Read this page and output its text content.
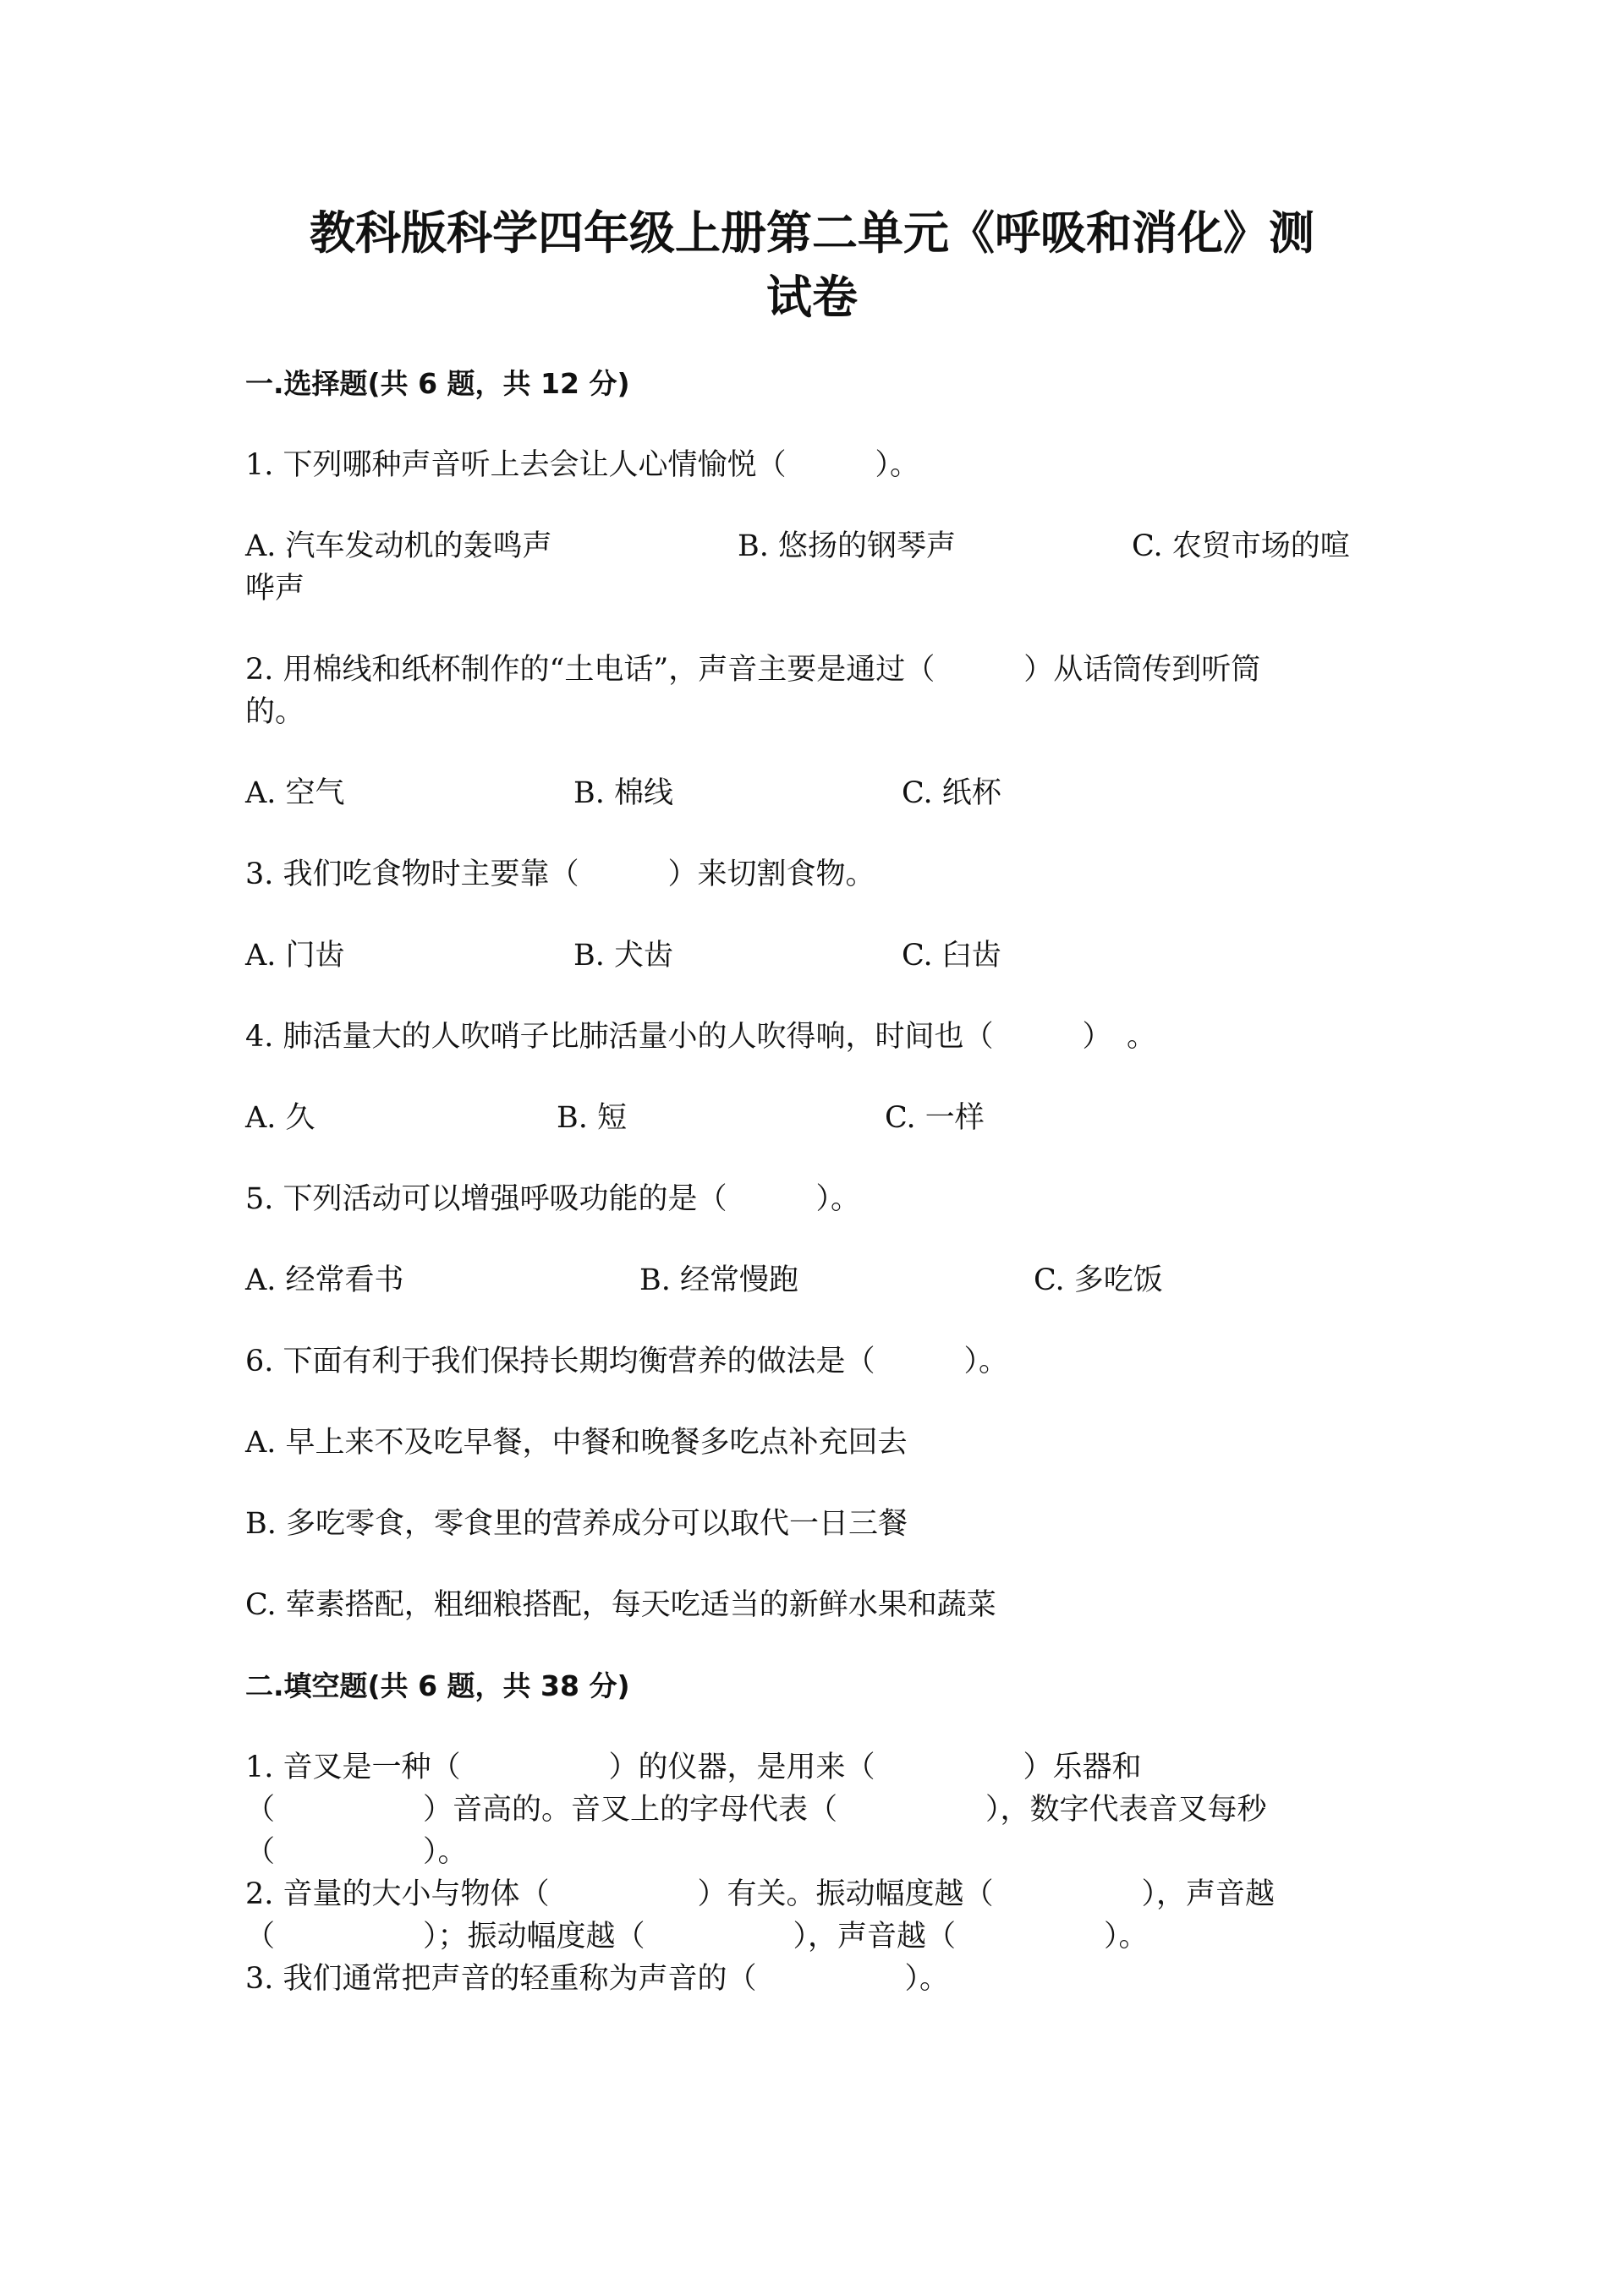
教科版科学四年级上册第二单元《呼吸和消化》测
试卷
一.选择题(共 6 题，共 12 分)
1. 下列哪种声音听上去会让人心情愉悦（　　　）。
A. 汽车发动机的轰鸣声	B. 悠扬的钢琴声	C. 农贸市场的喧
哗声
2. 用棉线和纸杯制作的“土电话”，声音主要是通过（　　　）从话筒传到听筒
的。
A. 空气	B. 棉线	C. 纸杯
3. 我们吃食物时主要靠（　　　）来切割食物。
A. 门齿	B. 犬齿	C. 臼齿
4. 肺活量大的人吹哨子比肺活量小的人吹得响，时间也（　　　）　。
A. 久	B. 短	C. 一样
5. 下列活动可以增强呼吸功能的是（　　　）。
A. 经常看书	B. 经常慢跑	C. 多吃饭
6. 下面有利于我们保持长期均衡营养的做法是（　　　）。
A. 早上来不及吃早餐，中餐和晚餐多吃点补充回去
B. 多吃零食，零食里的营养成分可以取代一日三餐
C. 荤素搭配，粗细粮搭配，每天吃适当的新鲜水果和蔬菜
二.填空题(共 6 题，共 38 分)
1. 音叉是一种（　　　　　）的仪器，是用来（　　　　　）乐器和
（　　　　　）音高的。音叉上的字母代表（　　　　　），数字代表音叉每秒
（　　　　　）。
2. 音量的大小与物体（　　　　　）有关。振动幅度越（　　　　　），声音越
（　　　　　）；振动幅度越（　　　　　），声音越（　　　　　）。
3. 我们通常把声音的轻重称为声音的（　　　　　）。
